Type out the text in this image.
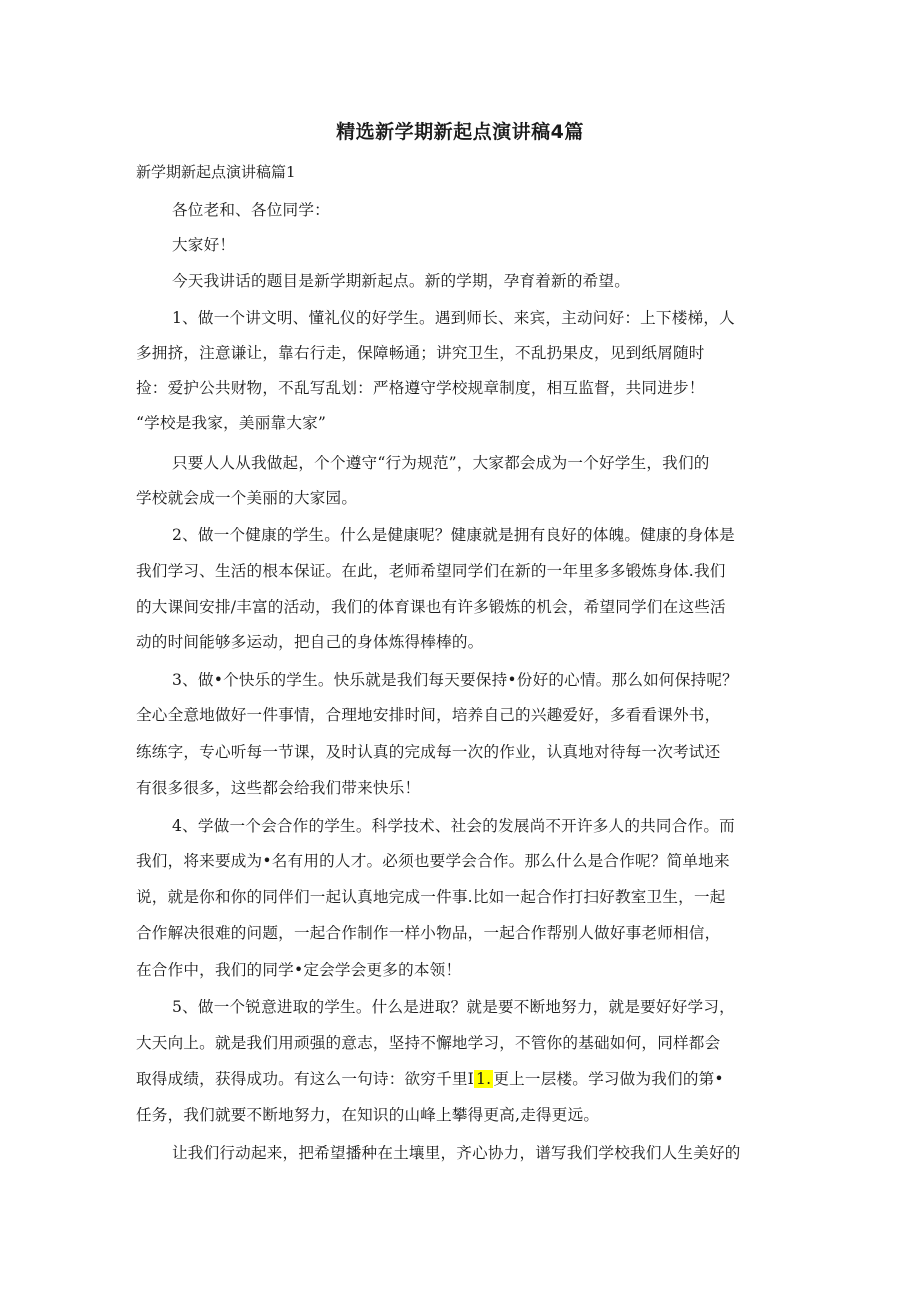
精选新学期新起点演讲稿4篇
新学期新起点演讲稿篇1
各位老和、各位同学：
大家好！
今天我讲话的题目是新学期新起点。新的学期，孕育着新的希望。
1、做一个讲文明、懂礼仪的好学生。遇到师长、来宾，主动问好：上下楼梯，人
多拥挤，注意谦让，靠右行走，保障畅通；讲究卫生，不乱扔果皮，见到纸屑随时
捡：爱护公共财物，不乱写乱划：严格遵守学校规章制度，相互监督，共同进步！
“学校是我家，美丽靠大家”
只要人人从我做起，个个遵守“行为规范”，大家都会成为一个好学生，我们的
学校就会成一个美丽的大家园。
2、做一个健康的学生。什么是健康呢？健康就是拥有良好的体魄。健康的身体是
我们学习、生活的根本保证。在此，老师希望同学们在新的一年里多多锻炼身体.我们
的大课间安排/丰富的活动，我们的体育课也有许多锻炼的机会，希望同学们在这些活
动的时间能够多运动，把自己的身体炼得棒棒的。
3、做•个快乐的学生。快乐就是我们每天要保持•份好的心情。那么如何保持呢？
全心全意地做好一件事情，合理地安排时间，培养自己的兴趣爱好，多看看课外书，
练练字，专心听每一节课，及时认真的完成每一次的作业，认真地对待每一次考试还
有很多很多，这些都会给我们带来快乐！
4、学做一个会合作的学生。科学技术、社会的发展尚不开许多人的共同合作。而
我们，将来要成为•名有用的人才。必须也要学会合作。那么什么是合作呢？简单地来
说，就是你和你的同伴们一起认真地完成一件事.比如一起合作打扫好教室卫生，一起
合作解决很难的问题，一起合作制作一样小物品，一起合作帮别人做好事老师相信，
在合作中，我们的同学•定会学会更多的本领！
5、做一个锐意进取的学生。什么是进取？就是要不断地努力，就是要好好学习，
大天向上。就是我们用顽强的意志，坚持不懈地学习，不管你的基础如何，同样都会
取得成绩，获得成功。有这么一句诗：欲穷千里I 1. 更上一层楼。学习做为我们的第•
任务，我们就要不断地努力，在知识的山峰上攀得更高,走得更远。
让我们行动起来，把希望播种在土壤里，齐心协力，谱写我们学校我们人生美好的
